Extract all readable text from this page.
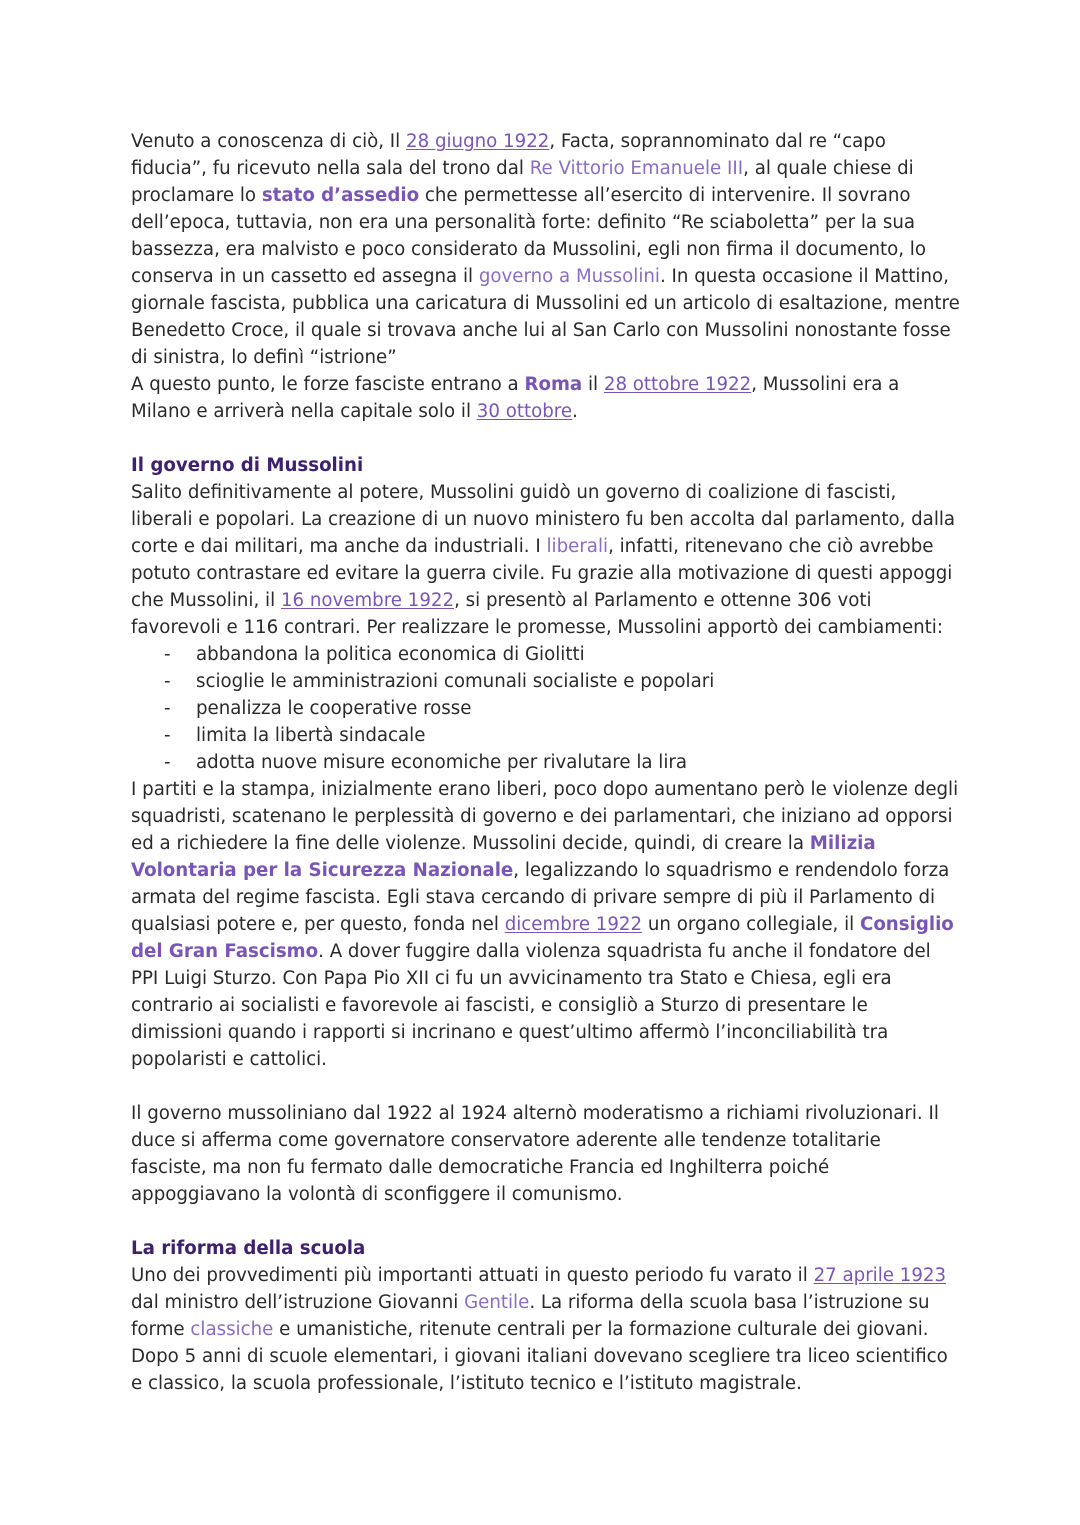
Venuto a conoscenza di ciò, Il 28 giugno 1922, Facta, soprannominato dal re “capo fiducia”, fu ricevuto nella sala del trono dal Re Vittorio Emanuele III, al quale chiese di proclamare lo stato d’assedio che permettesse all’esercito di intervenire. Il sovrano dell’epoca, tuttavia, non era una personalità forte: definito “Re sciaboletta” per la sua bassezza, era malvisto e poco considerato da Mussolini, egli non firma il documento, lo conserva in un cassetto ed assegna il governo a Mussolini. In questa occasione il Mattino, giornale fascista, pubblica una caricatura di Mussolini ed un articolo di esaltazione, mentre Benedetto Croce, il quale si trovava anche lui al San Carlo con Mussolini nonostante fosse di sinistra, lo definì “istrione”

A questo punto, le forze fasciste entrano a Roma il 28 ottobre 1922, Mussolini era a Milano e arriverà nella capitale solo il 30 ottobre.

Il governo di Mussolini

Salito definitivamente al potere, Mussolini guidò un governo di coalizione di fascisti, liberali e popolari. La creazione di un nuovo ministero fu ben accolta dal parlamento, dalla corte e dai militari, ma anche da industriali. I liberali, infatti, ritenevano che ciò avrebbe potuto contrastare ed evitare la guerra civile. Fu grazie alla motivazione di questi appoggi che Mussolini, il 16 novembre 1922, si presentò al Parlamento e ottenne 306 voti favorevoli e 116 contrari. Per realizzare le promesse, Mussolini apportò dei cambiamenti:

- abbandona la politica economica di Giolitti
- scioglie le amministrazioni comunali socialiste e popolari
- penalizza le cooperative rosse
- limita la libertà sindacale
- adotta nuove misure economiche per rivalutare la lira

I partiti e la stampa, inizialmente erano liberi, poco dopo aumentano però le violenze degli squadristi, scatenano le perplessità di governo e dei parlamentari, che iniziano ad opporsi ed a richiedere la fine delle violenze. Mussolini decide, quindi, di creare la Milizia Volontaria per la Sicurezza Nazionale, legalizzando lo squadrismo e rendendolo forza armata del regime fascista. Egli stava cercando di privare sempre di più il Parlamento di qualsiasi potere e, per questo, fonda nel dicembre 1922 un organo collegiale, il Consiglio del Gran Fascismo. A dover fuggire dalla violenza squadrista fu anche il fondatore del PPI Luigi Sturzo. Con Papa Pio XII ci fu un avvicinamento tra Stato e Chiesa, egli era contrario ai socialisti e favorevole ai fascisti, e consigliò a Sturzo di presentare le dimissioni quando i rapporti si incrinano e quest’ultimo affermò l’inconciliabilità tra popolaristi e cattolici.

Il governo mussoliniano dal 1922 al 1924 alternò moderatismo a richiami rivoluzionari. Il duce si afferma come governatore conservatore aderente alle tendenze totalitarie fasciste, ma non fu fermato dalle democratiche Francia ed Inghilterra poiché appoggiavano la volontà di sconfiggere il comunismo.

La riforma della scuola

Uno dei provvedimenti più importanti attuati in questo periodo fu varato il 27 aprile 1923 dal ministro dell’istruzione Giovanni Gentile. La riforma della scuola basa l’istruzione su forme classiche e umanistiche, ritenute centrali per la formazione culturale dei giovani. Dopo 5 anni di scuole elementari, i giovani italiani dovevano scegliere tra liceo scientifico e classico, la scuola professionale, l’istituto tecnico e l’istituto magistrale.
